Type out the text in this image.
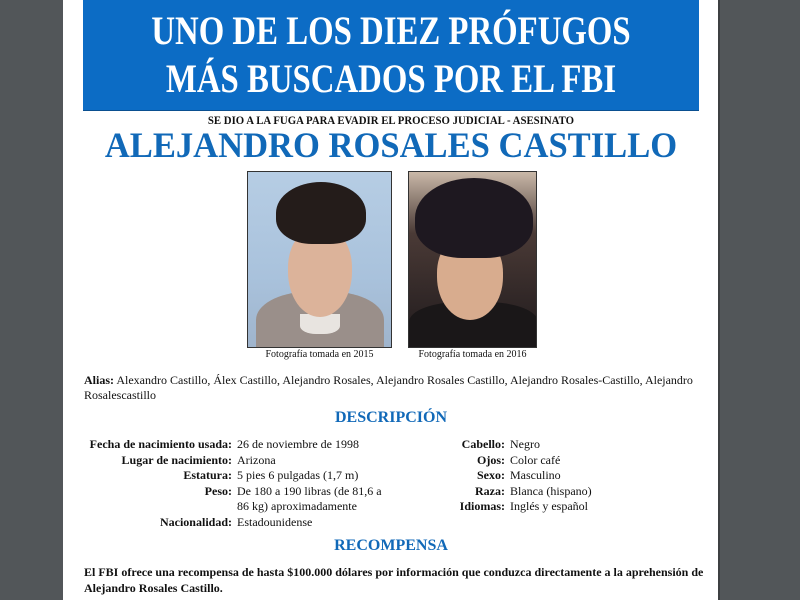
UNO DE LOS DIEZ PRÓFUGOS
MÁS BUSCADOS POR EL FBI
SE DIO A LA FUGA PARA EVADIR EL PROCESO JUDICIAL - ASESINATO
ALEJANDRO ROSALES CASTILLO
Fotografía tomada en 2015	Fotografía tomada en 2016
Alias: Alexandro Castillo, Álex Castillo, Alejandro Rosales, Alejandro Rosales Castillo, Alejandro Rosales-Castillo, Alejandro Rosalescastillo
DESCRIPCIÓN
Fecha de nacimiento usada: 26 de noviembre de 1998
Lugar de nacimiento: Arizona
Estatura: 5 pies 6 pulgadas (1,7 m)
Peso: De 180 a 190 libras (de 81,6 a 86 kg) aproximadamente
Nacionalidad: Estadounidense
Cabello: Negro
Ojos: Color café
Sexo: Masculino
Raza: Blanca (hispano)
Idiomas: Inglés y español
RECOMPENSA
El FBI ofrece una recompensa de hasta $100.000 dólares por información que conduzca directamente a la aprehensión de Alejandro Rosales Castillo.
